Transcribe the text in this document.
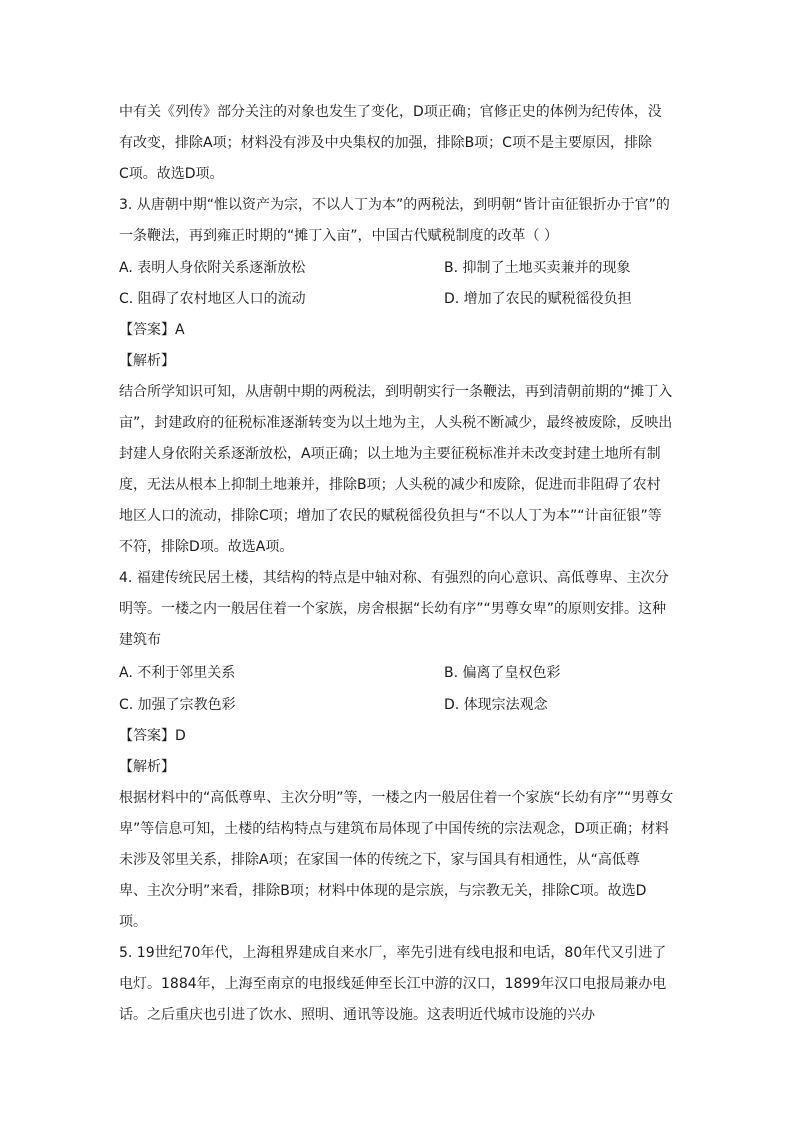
中有关《列传》部分关注的对象也发生了变化，D项正确；官修正史的体例为纪传体，没
有改变，排除A项；材料没有涉及中央集权的加强，排除B项；C项不是主要原因，排除
C项。故选D项。
3. 从唐朝中期“惟以资产为宗，不以人丁为本”的两税法，到明朝“皆计亩征银折办于官”的
一条鞭法，再到雍正时期的“摊丁入亩”，中国古代赋税制度的改革（ ）
A. 表明人身依附关系逐渐放松	B. 抑制了土地买卖兼并的现象
C. 阻碍了农村地区人口的流动	D. 增加了农民的赋税徭役负担
【答案】A
【解析】
结合所学知识可知，从唐朝中期的两税法，到明朝实行一条鞭法，再到清朝前期的“摊丁入
亩”，封建政府的征税标准逐渐转变为以土地为主，人头税不断减少，最终被废除，反映出
封建人身依附关系逐渐放松，A项正确；以土地为主要征税标准并未改变封建土地所有制
度，无法从根本上抑制土地兼并，排除B项；人头税的减少和废除，促进而非阻碍了农村
地区人口的流动，排除C项；增加了农民的赋税徭役负担与“不以人丁为本”“计亩征银”等
不符，排除D项。故选A项。
4. 福建传统民居土楼，其结构的特点是中轴对称、有强烈的向心意识、高低尊卑、主次分
明等。一楼之内一般居住着一个家族，房舍根据“长幼有序”“男尊女卑”的原则安排。这种
建筑布
A. 不利于邻里关系	B. 偏离了皇权色彩
C. 加强了宗教色彩	D. 体现宗法观念
【答案】D
【解析】
根据材料中的“高低尊卑、主次分明”等，一楼之内一般居住着一个家族“长幼有序”“男尊女
卑”等信息可知，土楼的结构特点与建筑布局体现了中国传统的宗法观念，D项正确；材料
未涉及邻里关系，排除A项；在家国一体的传统之下，家与国具有相通性，从“高低尊
卑、主次分明”来看，排除B项；材料中体现的是宗族，与宗教无关，排除C项。故选D
项。
5. 19世纪70年代，上海租界建成自来水厂，率先引进有线电报和电话，80年代又引进了
电灯。1884年，上海至南京的电报线延伸至长江中游的汉口，1899年汉口电报局兼办电
话。之后重庆也引进了饮水、照明、通讯等设施。这表明近代城市设施的兴办
